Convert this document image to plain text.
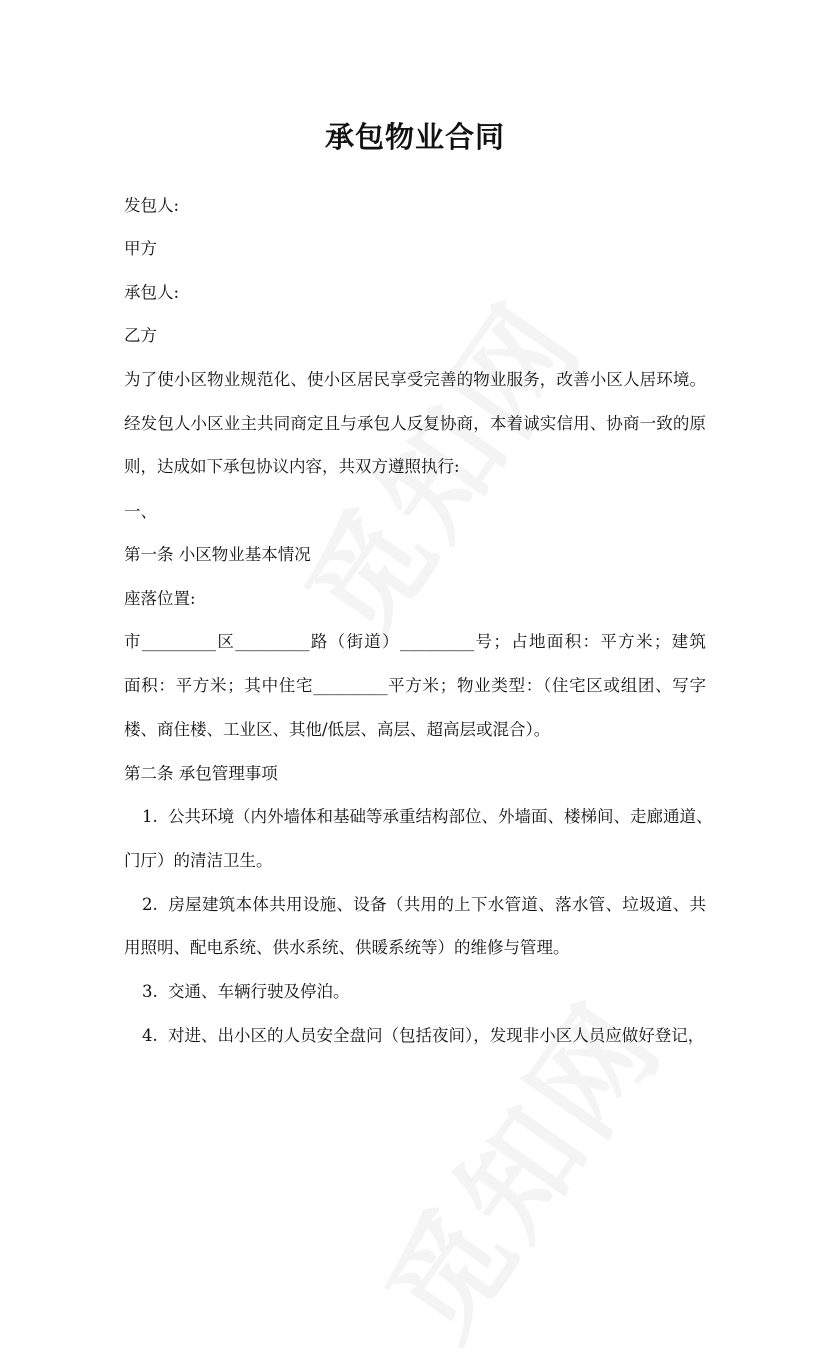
承包物业合同
发包人:
甲方
承包人:
乙方
为了使小区物业规范化、使小区居民享受完善的物业服务，改善小区人居环境。
经发包人小区业主共同商定且与承包人反复协商，本着诚实信用、协商一致的原
则，达成如下承包协议内容，共双方遵照执行:
一、
第一条 小区物业基本情况
座落位置:
市_________区_________路（街道）_________号；占地面积：平方米；建筑
面积：平方米；其中住宅_________平方米；物业类型：（住宅区或组团、写字
楼、商住楼、工业区、其他/低层、高层、超高层或混合）。
第二条 承包管理事项
1. 公共环境（内外墙体和基础等承重结构部位、外墙面、楼梯间、走廊通道、
门厅）的清洁卫生。
2. 房屋建筑本体共用设施、设备（共用的上下水管道、落水管、垃圾道、共
用照明、配电系统、供水系统、供暖系统等）的维修与管理。
3. 交通、车辆行驶及停泊。
4. 对进、出小区的人员安全盘问（包括夜间），发现非小区人员应做好登记，
